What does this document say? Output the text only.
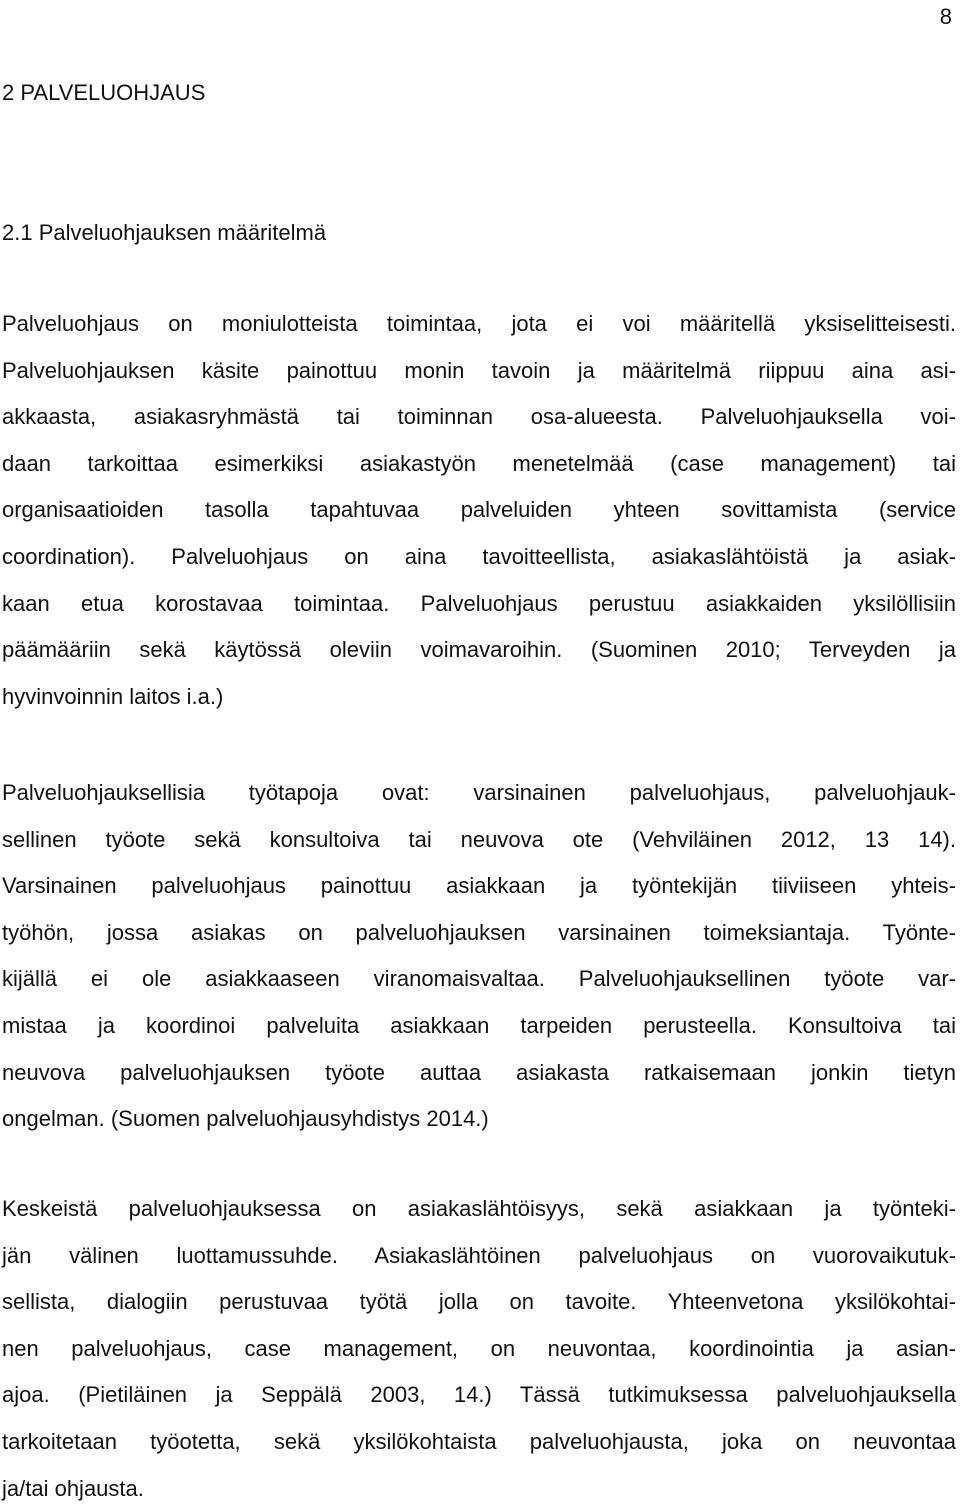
8
2 PALVELUOHJAUS
2.1 Palveluohjauksen määritelmä
Palveluohjaus on moniulotteista toimintaa, jota ei voi määritellä yksiselitteisesti.
Palveluohjauksen käsite painottuu monin tavoin ja määritelmä riippuu aina asi-
akkaasta, asiakasryhmästä tai toiminnan osa-alueesta. Palveluohjauksella voi-
daan tarkoittaa esimerkiksi asiakastyön menetelmää (case management) tai
organisaatioiden tasolla tapahtuvaa palveluiden yhteen sovittamista (service
coordination). Palveluohjaus on aina tavoitteellista, asiakaslähtöistä ja asiak-
kaan etua korostavaa toimintaa. Palveluohjaus perustuu asiakkaiden yksilöllisiin
päämääriin sekä käytössä oleviin voimavaroihin. (Suominen 2010; Terveyden ja
hyvinvoinnin laitos i.a.)
Palveluohjauksellisia työtapoja ovat: varsinainen palveluohjaus, palveluohjauk-
sellinen työote sekä konsultoiva tai neuvova ote (Vehviläinen 2012, 13 14).
Varsinainen palveluohjaus painottuu asiakkaan ja työntekijän tiiviiseen yhteis-
työhön, jossa asiakas on palveluohjauksen varsinainen toimeksiantaja. Työnte-
kijällä ei ole asiakkaaseen viranomaisvaltaa. Palveluohjauksellinen työote var-
mistaa ja koordinoi palveluita asiakkaan tarpeiden perusteella. Konsultoiva tai
neuvova palveluohjauksen työote auttaa asiakasta ratkaisemaan jonkin tietyn
ongelman. (Suomen palveluohjausyhdistys 2014.)
Keskeistä palveluohjauksessa on asiakaslähtöisyys, sekä asiakkaan ja työnteki-
jän välinen luottamussuhde. Asiakaslähtöinen palveluohjaus on vuorovaikutuk-
sellista, dialogiin perustuvaa työtä jolla on tavoite. Yhteenvetona yksilökohtai-
nen palveluohjaus, case management, on neuvontaa, koordinointia ja asian-
ajoa. (Pietiläinen ja Seppälä 2003, 14.) Tässä tutkimuksessa palveluohjauksella
tarkoitetaan työotetta, sekä yksilökohtaista palveluohjausta, joka on neuvontaa
ja/tai ohjausta.
